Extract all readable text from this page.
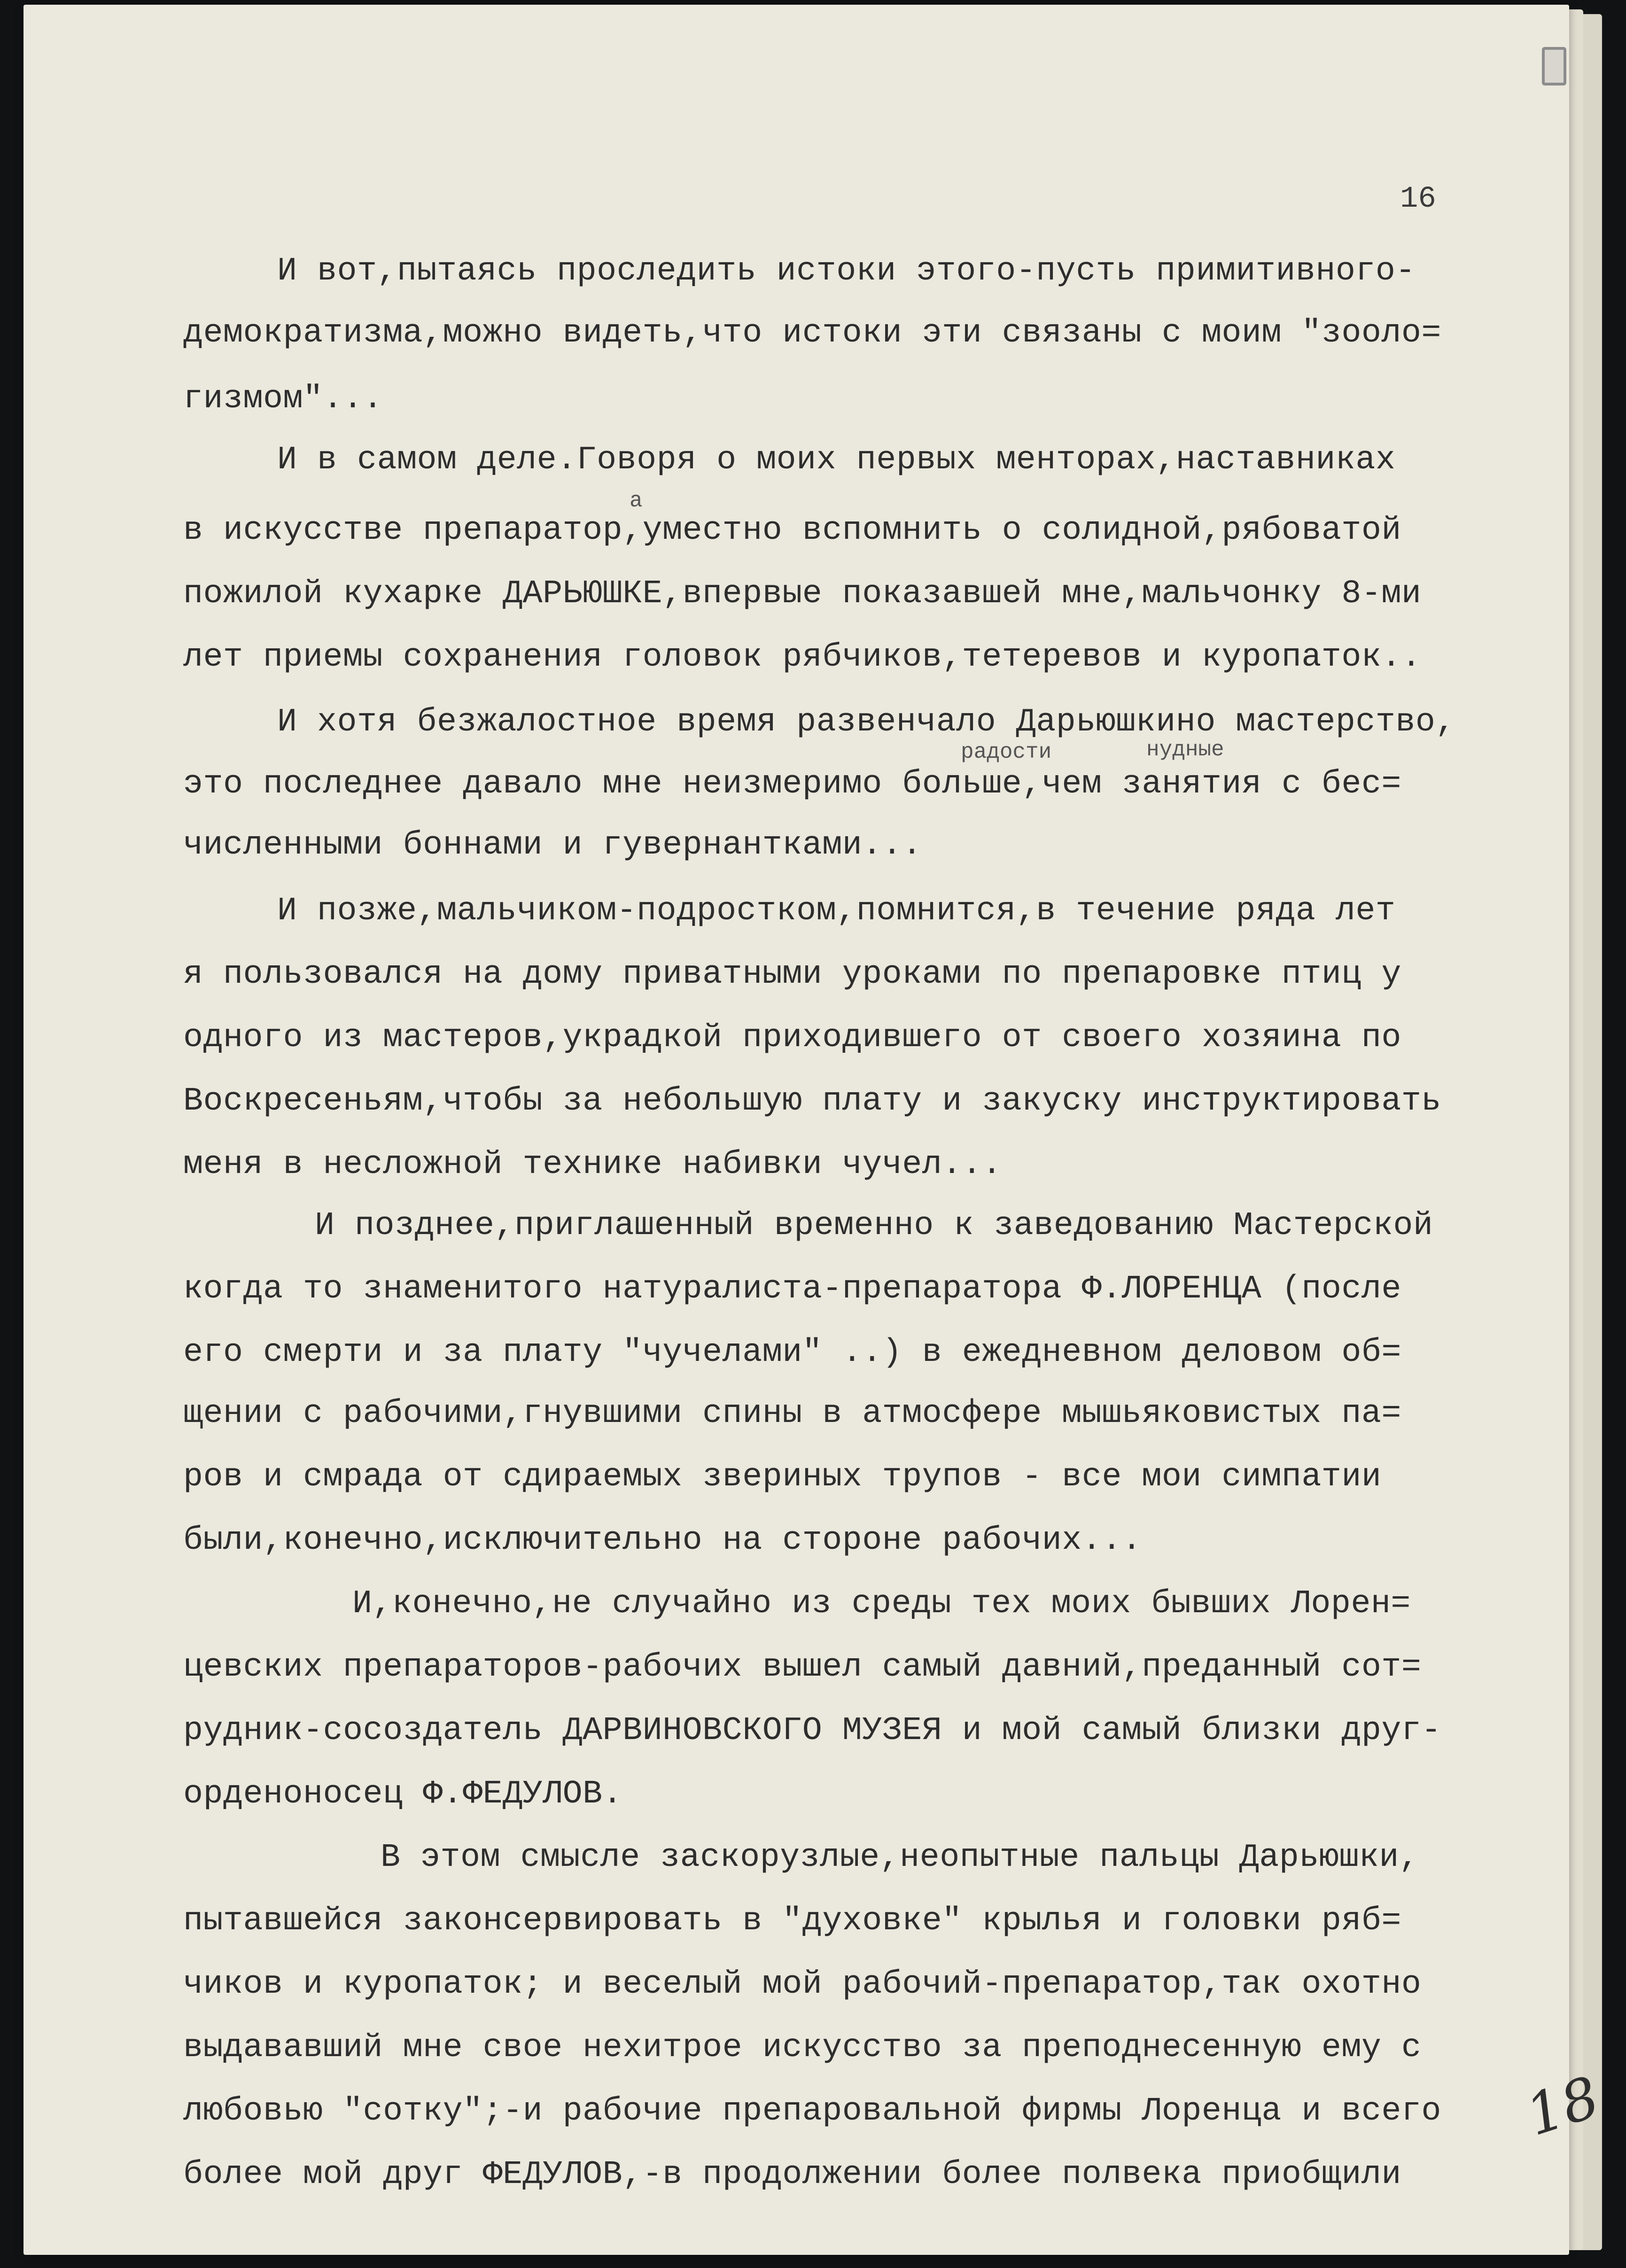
16
И вот,пытаясь проследить истоки этого-пусть примитивного-
демократизма,можно видеть,что истоки эти связаны с моим "зооло=
гизмом"...
И в самом деле.Говоря о моих первых менторах,наставниках
а
в искусстве препаратор,уместно вспомнить о солидной,рябоватой
пожилой кухарке ДАРЬЮШКЕ,впервые показавшей мне,мальчонку 8-ми
лет приемы сохранения головок рябчиков,тетеревов и куропаток..
И хотя безжалостное время развенчало Дарьюшкино мастерство,
радости	нудные
это последнее давало мне неизмеримо больше,чем занятия с бес=
численными боннами и гувернантками...
И позже,мальчиком-подростком,помнится,в течение ряда лет
я пользовался на дому приватными уроками по препаровке птиц у
одного из мастеров,украдкой приходившего от своего хозяина по
Воскресеньям,чтобы за небольшую плату и закуску инструктировать
меня в несложной технике набивки чучел...
И позднее,приглашенный временно к заведованию Мастерской
когда то знаменитого натуралиста-препаратора Ф.ЛОРЕНЦА (после
его смерти и за плату "чучелами" ..) в ежедневном деловом об=
щении с рабочими,гнувшими спины в атмосфере мышьяковистых па=
ров и смрада от сдираемых звериных трупов - все мои симпатии
были,конечно,исключительно на стороне рабочих...
И,конечно,не случайно из среды тех моих бывших Лорен=
цевских препараторов-рабочих вышел самый давний,преданный сот=
рудник-сосоздатель ДАРВИНОВСКОГО МУЗЕЯ и мой самый близки друг-
орденоносец Ф.ФЕДУЛОВ.
В этом смысле заскорузлые,неопытные пальцы Дарьюшки,
пытавшейся законсервировать в "духовке" крылья и головки ряб=
чиков и куропаток; и веселый мой рабочий-препаратор,так охотно
выдававший мне свое нехитрое искусство за преподнесенную ему с
любовью "сотку";-и рабочие препаровальной фирмы Лоренца и всего
более мой друг ФЕДУЛОВ,-в продолжении более полвека приобщили
18
